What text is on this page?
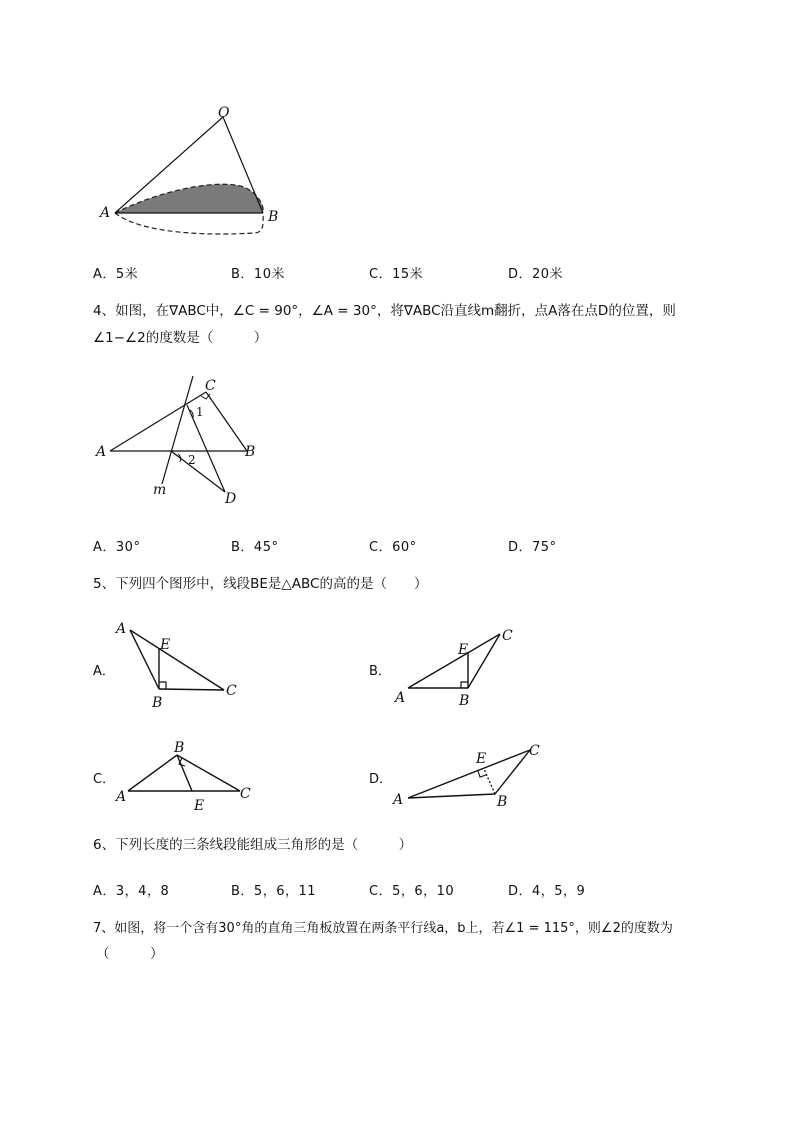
O
A	B
A．5米	B．10米	C．15米	D．20米
4、如图，在∇ABC中，∠C = 90°，∠A = 30°，将∇ABC沿直线m翻折，点A落在点D的位置，则
∠1−∠2的度数是（　　　）
C
A	B
D
m
1
2
A．30°	B．45°	C．60°	D．75°
5、下列四个图形中，线段BE是△ABC的高的是（　　）
A．
A
E
B
C
B．
A
E
B
C
C．
A
B
E
C
D．
A
E
B
C
6、下列长度的三条线段能组成三角形的是（　　　）
A．3，4，8	B．5，6，11	C．5，6，10	D．4，5，9
7、如图，将一个含有30°角的直角三角板放置在两条平行线a，b上，若∠1 = 115°，则∠2的度数为
（　　　）
